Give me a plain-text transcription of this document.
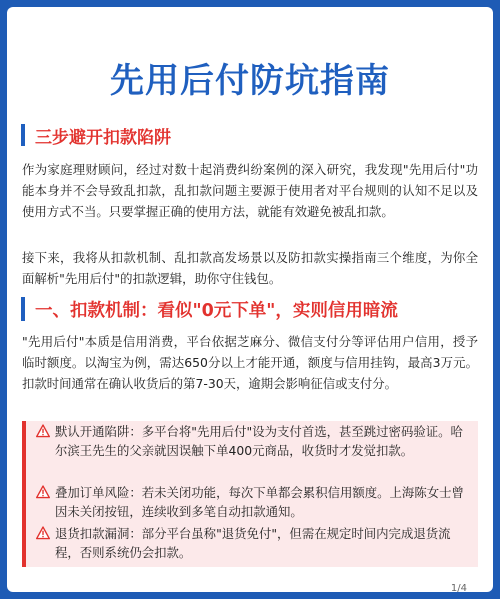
先用后付防坑指南
三步避开扣款陷阱

作为家庭理财顾问，经过对数十起消费纠纷案例的深入研究，我发现"先用后付"功能本身并不会导致乱扣款，乱扣款问题主要源于使用者对平台规则的认知不足以及使用方式不当。只要掌握正确的使用方法，就能有效避免被乱扣款。

接下来，我将从扣款机制、乱扣款高发场景以及防扣款实操指南三个维度，为你全面解析"先用后付"的扣款逻辑，助你守住钱包。

一、扣款机制：看似"0元下单"，实则信用暗流

"先用后付"本质是信用消费，平台依据芝麻分、微信支付分等评估用户信用，授予临时额度。以淘宝为例，需达650分以上才能开通，额度与信用挂钩，最高3万元。扣款时间通常在确认收货后的第7-30天，逾期会影响征信或支付分。

默认开通陷阱：多平台将"先用后付"设为支付首选，甚至跳过密码验证。哈尔滨王先生的父亲就因误触下单400元商品，收货时才发觉扣款。
叠加订单风险：若未关闭功能，每次下单都会累积信用额度。上海陈女士曾因未关闭按钮，连续收到多笔自动扣款通知。
退货扣款漏洞：部分平台虽称"退货免付"，但需在规定时间内完成退货流程，否则系统仍会扣款。
1/4
